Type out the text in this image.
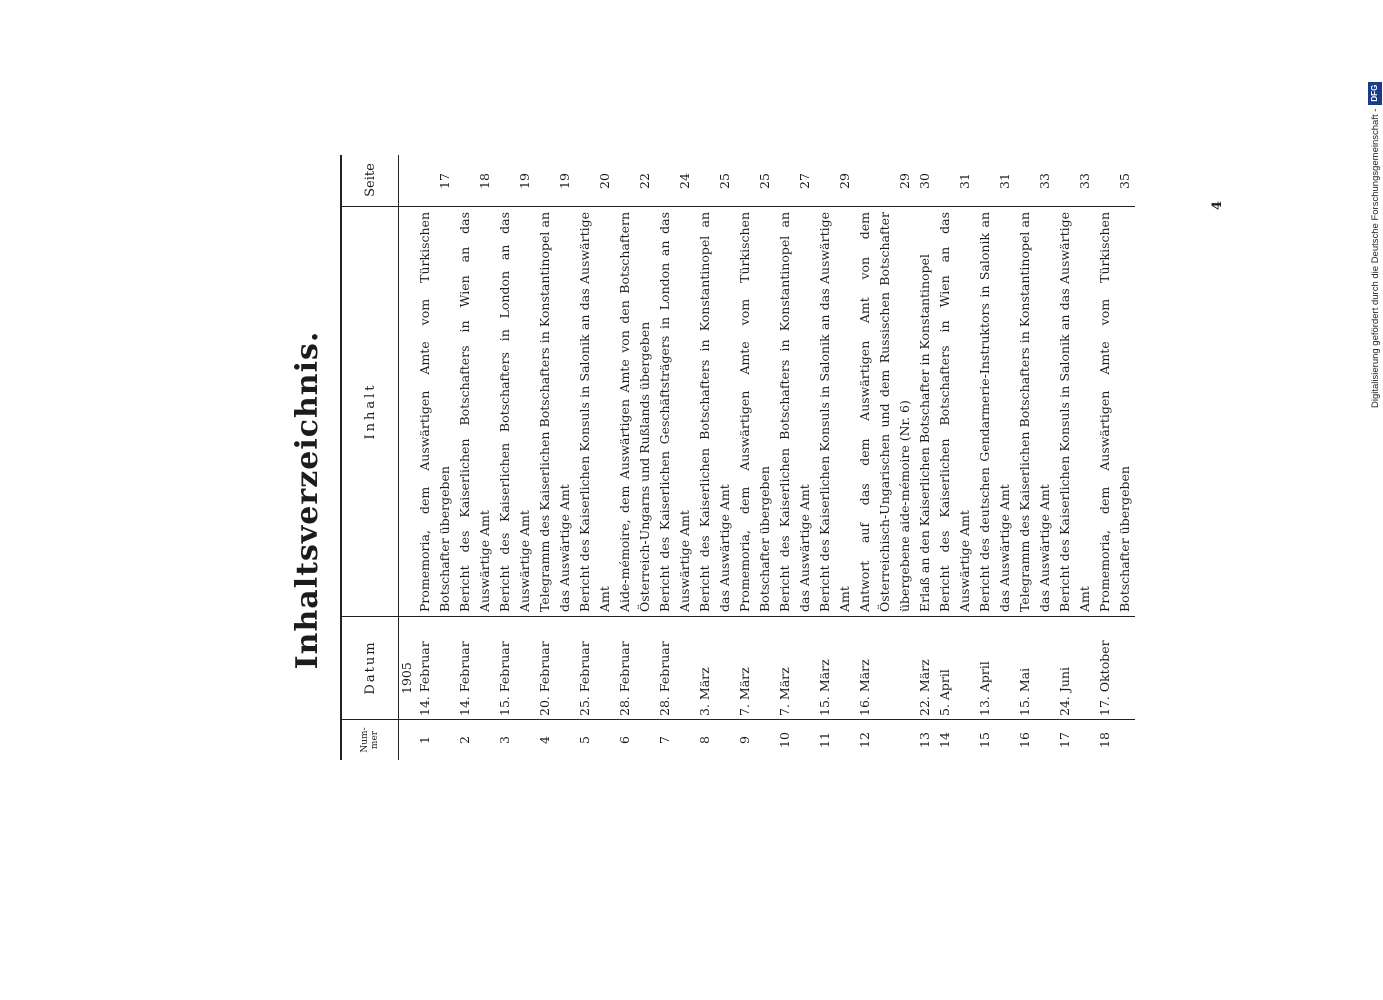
Inhaltsverzeichnis.
Num-mer
Datum
Inhalt
Seite
1905
1
14. Februar
Promemoria, dem Auswärtigen Amte vom Türkischen Botschafter übergeben
17
2
14. Februar
Bericht des Kaiserlichen Botschafters in Wien an das Auswärtige Amt
18
3
15. Februar
Bericht des Kaiserlichen Botschafters in London an das Auswärtige Amt
19
4
20. Februar
Telegramm des Kaiserlichen Botschafters in Konstantinopel an das Auswärtige Amt
19
5
25. Februar
Bericht des Kaiserlichen Konsuls in Salonik an das Auswärtige Amt
20
6
28. Februar
Aide-mémoire, dem Auswärtigen Amte von den Botschaftern Österreich-Ungarns und Rußlands übergeben
22
7
28. Februar
Bericht des Kaiserlichen Geschäftsträgers in London an das Auswärtige Amt
24
8
3. März
Bericht des Kaiserlichen Botschafters in Konstantinopel an das Auswärtige Amt
25
9
7. März
Promemoria, dem Auswärtigen Amte vom Türkischen Botschafter übergeben
25
10
7. März
Bericht des Kaiserlichen Botschafters in Konstantinopel an das Auswärtige Amt
27
11
15. März
Bericht des Kaiserlichen Konsuls in Salonik an das Auswärtige Amt
29
12
16. März
Antwort auf das dem Auswärtigen Amt von dem Österreichisch-Ungarischen und dem Russischen Botschafter übergebene aide-mémoire (Nr. 6)
29
13
22. März
Erlaß an den Kaiserlichen Botschafter in Konstantinopel
30
14
5. April
Bericht des Kaiserlichen Botschafters in Wien an das Auswärtige Amt
31
15
13. April
Bericht des deutschen Gendarmerie-Instruktors in Salonik an das Auswärtige Amt
31
16
15. Mai
Telegramm des Kaiserlichen Botschafters in Konstantinopel an das Auswärtige Amt
33
17
24. Juni
Bericht des Kaiserlichen Konsuls in Salonik an das Auswärtige Amt
33
18
17. Oktober
Promemoria, dem Auswärtigen Amte vom Türkischen Botschafter übergeben
35
4	Digitalisierung gefördert durch die Deutsche Forschungsgemeinschaft -DFG
